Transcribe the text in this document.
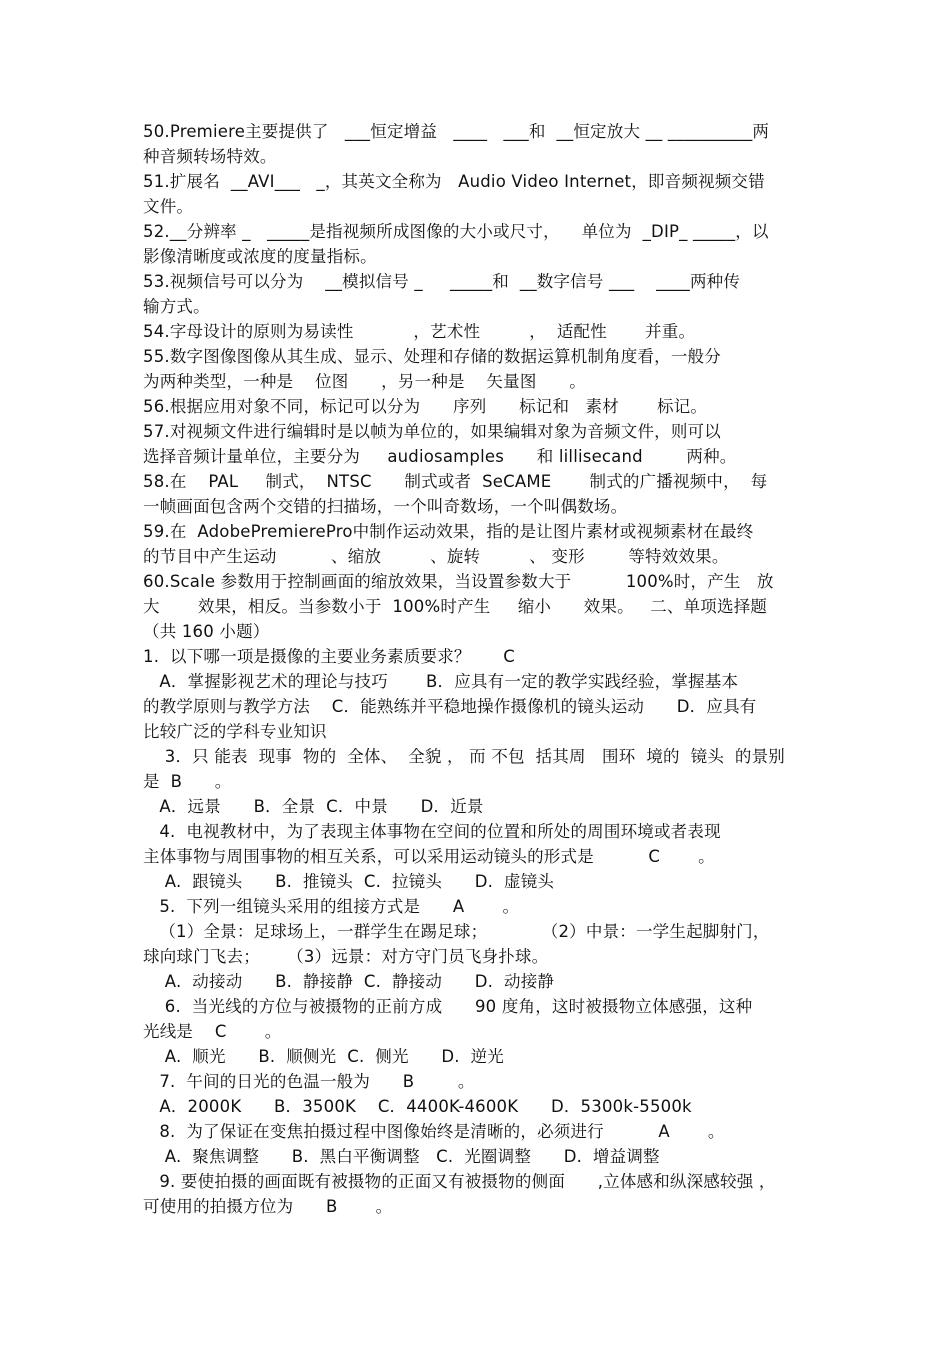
50.Premiere主要提供了   ___恒定增益   ____   ___和  __恒定放大 __ __________两
种音频转场特效。
51.扩展名  __AVI___   _，其英文全称为   Audio Video Internet，即音频视频交错
文件。
52.__分辨率 _   _____是指视频所成图像的大小或尺寸，    单位为  _DIP_ _____，以
影像清晰度或浓度的度量指标。
53.视频信号可以分为    __模拟信号 _     _____和  __数字信号 ___    ____两种传
输方式。
54.字母设计的原则为易读性           ，艺术性         ，  适配性       并重。
55.数字图像图像从其生成、显示、处理和存储的数据运算机制角度看，一般分
为两种类型，一种是    位图      ，另一种是    矢量图      。
56.根据应用对象不同，标记可以分为      序列      标记和   素材       标记。
57.对视频文件进行编辑时是以帧为单位的，如果编辑对象为音频文件，则可以
选择音频计量单位，主要分为     audiosamples      和 lillisecand        两种。
58.在    PAL     制式，  NTSC      制式或者  SeCAME       制式的广播视频中，  每
一帧画面包含两个交错的扫描场，一个叫奇数场，一个叫偶数场。
59.在  AdobePremierePro中制作运动效果，指的是让图片素材或视频素材在最终
的节目中产生运动          、缩放         、旋转         、 变形        等特效效果。
60.Scale 参数用于控制画面的缩放效果，当设置参数大于          100%时，产生   放
大       效果，相反。当参数小于  100%时产生     缩小      效果。   二、单项选择题
（共 160 小题）
1.  以下哪一项是摄像的主要业务素质要求？      C
A．掌握影视艺术的理论与技巧       B．应具有一定的教学实践经验，掌握基本
的教学原则与教学方法    C．能熟练并平稳地操作摄像机的镜头运动      D．应具有
比较广泛的学科专业知识
3．只 能表  现事  物的  全体、  全貌 ， 而 不包  括其周   围环  境的  镜头  的景别
是  B      。
A．远景      B．全景  C．中景      D．近景
4.  电视教材中，为了表现主体事物在空间的位置和所处的周围环境或者表现
主体事物与周围事物的相互关系，可以采用运动镜头的形式是          C       。
A.  跟镜头      B.  推镜头  C.  拉镜头      D.  虚镜头
5.  下列一组镜头采用的组接方式是      A       。
（1）全景：足球场上，一群学生在踢足球；          （2）中景：一学生起脚射门，
球向球门飞去；     （3）远景：对方守门员飞身扑球。
A.  动接动      B.  静接静  C.  静接动      D.  动接静
6.  当光线的方位与被摄物的正前方成      90 度角，这时被摄物立体感强，这种
光线是    C       。
A.  顺光      B.  顺侧光  C.  侧光      D.  逆光
7.  午间的日光的色温一般为      B        。
A．2000K      B．3500K    C．4400K-4600K      D．5300k-5500k
8.  为了保证在变焦拍摄过程中图像始终是清晰的，必须进行          A       。
A.  聚焦调整      B.  黑白平衡调整   C.  光圈调整      D.  增益调整
9. 要使拍摄的画面既有被摄物的正面又有被摄物的侧面      ,立体感和纵深感较强 ，
可使用的拍摄方位为      B       。
